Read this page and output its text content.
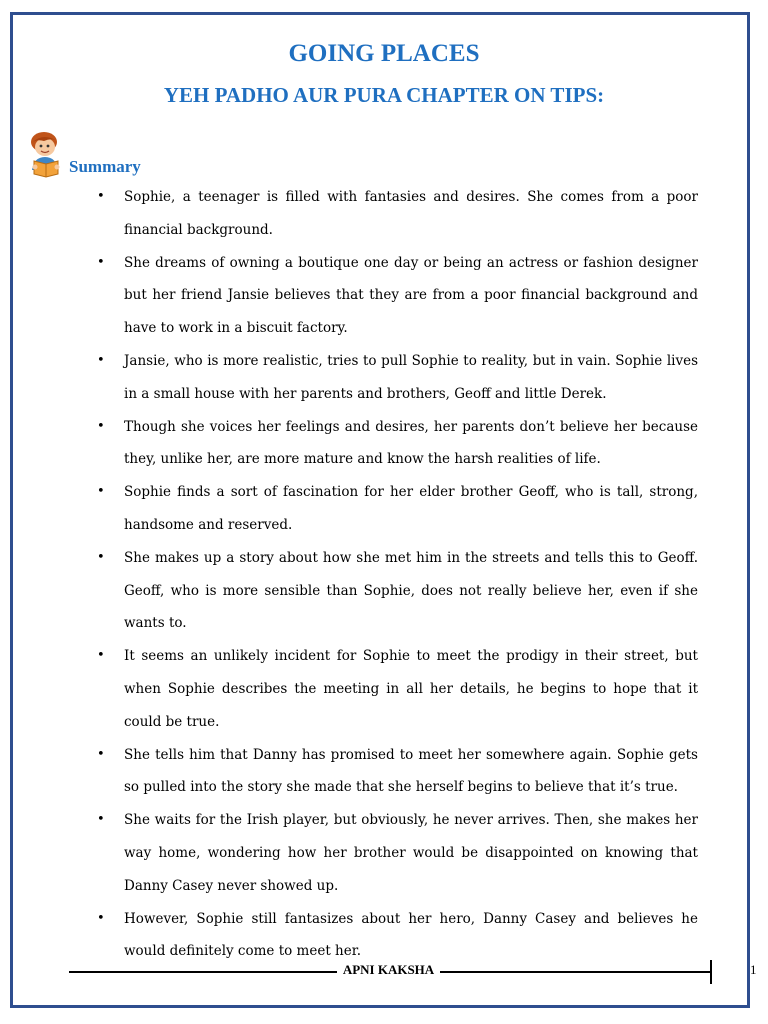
GOING PLACES
YEH PADHO AUR PURA CHAPTER ON TIPS:
Summary
• Sophie, a teenager is filled with fantasies and desires. She comes from a poor financial background.
• She dreams of owning a boutique one day or being an actress or fashion designer but her friend Jansie believes that they are from a poor financial background and have to work in a biscuit factory.
• Jansie, who is more realistic, tries to pull Sophie to reality, but in vain. Sophie lives in a small house with her parents and brothers, Geoff and little Derek.
• Though she voices her feelings and desires, her parents don’t believe her because they, unlike her, are more mature and know the harsh realities of life.
• Sophie finds a sort of fascination for her elder brother Geoff, who is tall, strong, handsome and reserved.
• She makes up a story about how she met him in the streets and tells this to Geoff. Geoff, who is more sensible than Sophie, does not really believe her, even if she wants to.
• It seems an unlikely incident for Sophie to meet the prodigy in their street, but when Sophie describes the meeting in all her details, he begins to hope that it could be true.
• She tells him that Danny has promised to meet her somewhere again. Sophie gets so pulled into the story she made that she herself begins to believe that it’s true.
• She waits for the Irish player, but obviously, he never arrives. Then, she makes her way home, wondering how her brother would be disappointed on knowing that Danny Casey never showed up.
• However, Sophie still fantasizes about her hero, Danny Casey and believes he would definitely come to meet her.

APNI KAKSHA	1
